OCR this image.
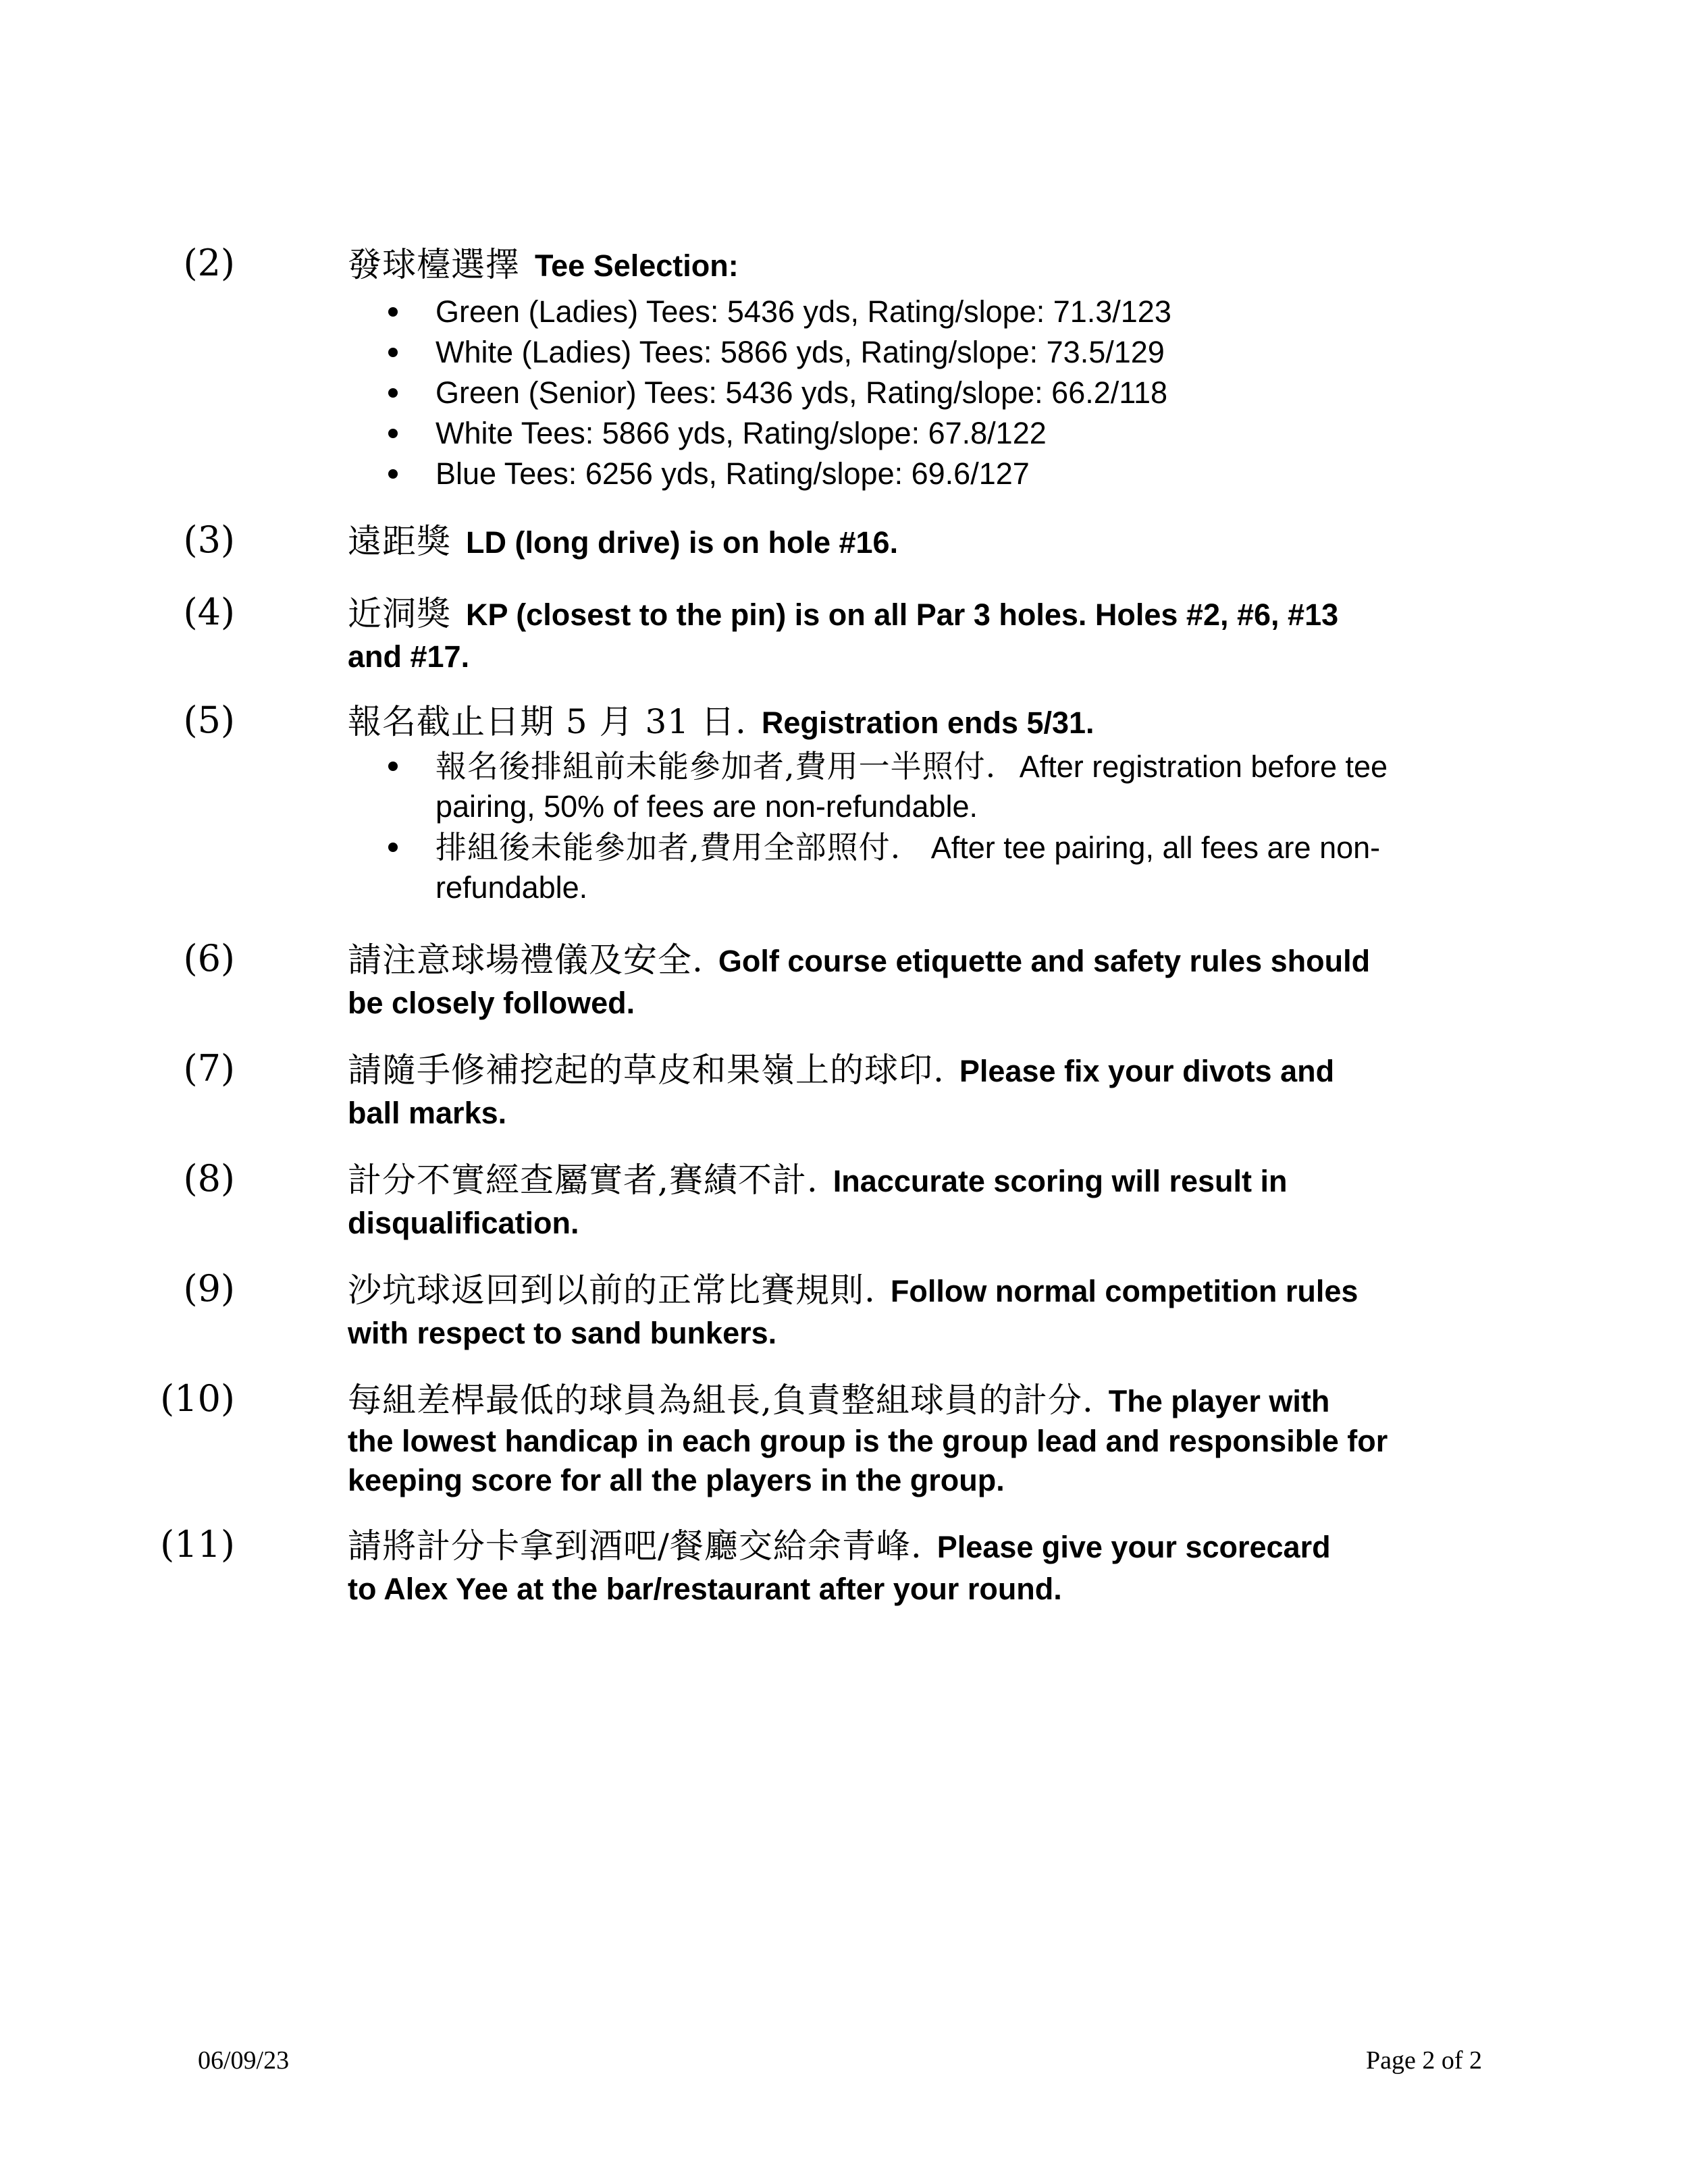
(2)	發球檯選擇 Tee Selection:
Green (Ladies) Tees: 5436 yds, Rating/slope: 71.3/123
White (Ladies) Tees: 5866 yds, Rating/slope: 73.5/129
Green (Senior) Tees: 5436 yds, Rating/slope: 66.2/118
White Tees: 5866 yds, Rating/slope: 67.8/122
Blue Tees: 6256 yds, Rating/slope: 69.6/127
(3)	遠距獎 LD (long drive) is on hole #16.
(4)	近洞獎 KP (closest to the pin) is on all Par 3 holes. Holes #2, #6, #13
and #17.
(5)	報名截止日期 5 月 31 日. Registration ends 5/31.
報名後排組前未能參加者,費用一半照付. After registration before tee
pairing, 50% of fees are non-refundable.
排組後未能參加者,費用全部照付. After tee pairing, all fees are non-
refundable.
(6)	請注意球場禮儀及安全. Golf course etiquette and safety rules should
be closely followed.
(7)	請隨手修補挖起的草皮和果嶺上的球印. Please fix your divots and
ball marks.
(8)	計分不實經查屬實者,賽績不計. Inaccurate scoring will result in
disqualification.
(9)	沙坑球返回到以前的正常比賽規則. Follow normal competition rules
with respect to sand bunkers.
(10)	每組差桿最低的球員為組長,負責整組球員的計分. The player with
the lowest handicap in each group is the group lead and responsible for
keeping score for all the players in the group.
(11)	請將計分卡拿到酒吧/餐廳交給余青峰. Please give your scorecard
to Alex Yee at the bar/restaurant after your round.
06/09/23	Page 2 of 2
